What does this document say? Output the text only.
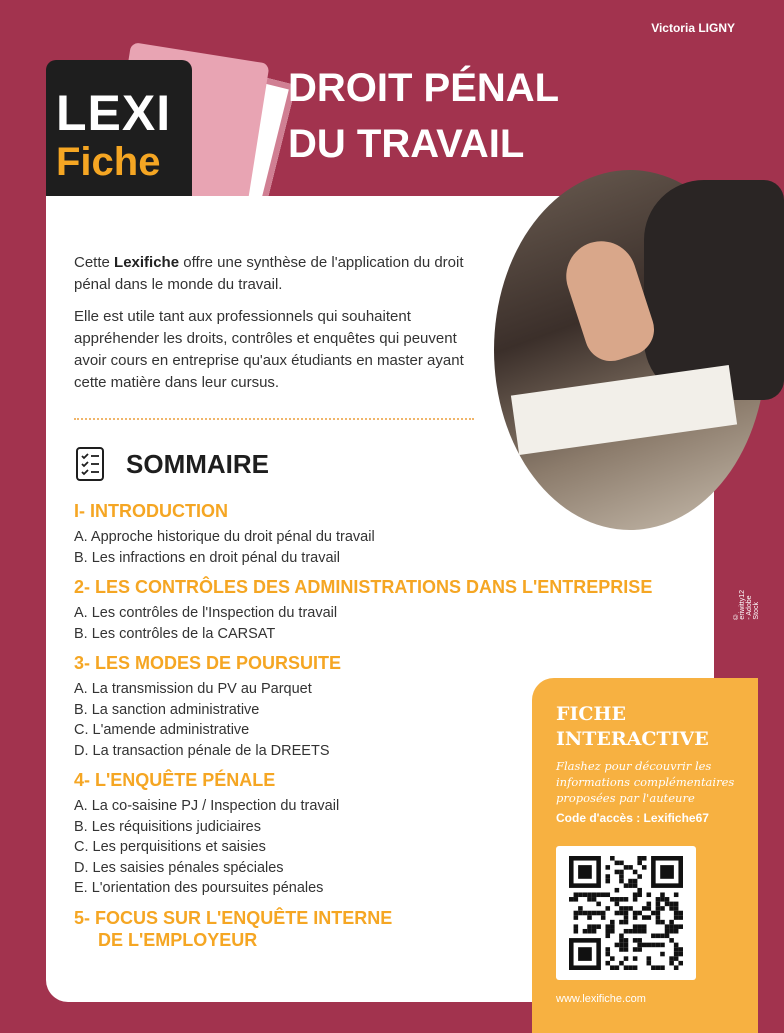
Victoria LIGNY
LEXI
Fiche
DROIT PÉNAL
DU TRAVAIL
© eriwitty12 - Adobe Stock

Cette Lexifiche offre une synthèse de l'application du droit pénal dans le monde du travail.

Elle est utile tant aux professionnels qui souhaitent appréhender les droits, contrôles et enquêtes qui peuvent avoir cours en entreprise qu'aux étudiants en master ayant cette matière dans leur cursus.

SOMMAIRE
I- INTRODUCTION
A. Approche historique du droit pénal du travail
B. Les infractions en droit pénal du travail
2- LES CONTRÔLES DES ADMINISTRATIONS DANS L'ENTREPRISE
A. Les contrôles de l'Inspection du travail
B. Les contrôles de la CARSAT
3- LES MODES DE POURSUITE
A. La transmission du PV au Parquet
B. La sanction administrative
C. L'amende administrative
D. La transaction pénale de la DREETS
4- L'ENQUÊTE PÉNALE
A. La co-saisine PJ / Inspection du travail
B. Les réquisitions judiciaires
C. Les perquisitions et saisies
D. Les saisies pénales spéciales
E. L'orientation des poursuites pénales
5- FOCUS SUR L'ENQUÊTE INTERNE
DE L'EMPLOYEUR
FICHE
INTERACTIVE
Flashez pour découvrir les informations complémentaires proposées par l'auteure
Code d'accès : Lexifiche67
www.lexifiche.com
